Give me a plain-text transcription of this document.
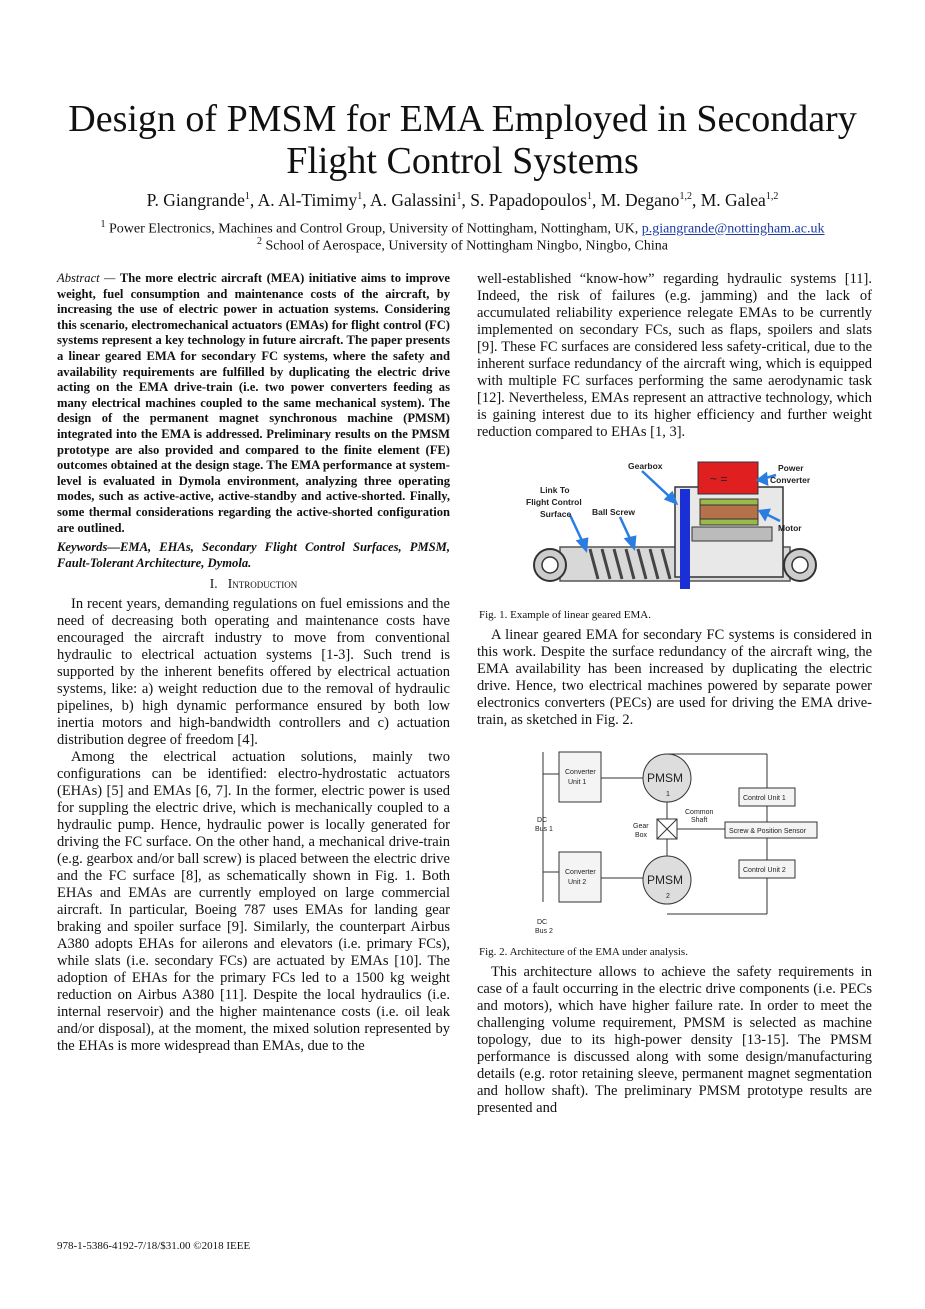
Design of PMSM for EMA Employed in Secondary Flight Control Systems
P. Giangrande$^1$, A. Al-Timimy$^1$, A. Galassini$^1$, S. Papadopoulos$^1$, M. Degano$^{1,2}$, M. Galea$^{1,2}$
$^1$ Power Electronics, Machines and Control Group, University of Nottingham, Nottingham, UK, p.giangrande@nottingham.ac.uk
$^2$ School of Aerospace, University of Nottingham Ningbo, Ningbo, China

Abstract — The more electric aircraft (MEA) initiative aims to improve weight, fuel consumption and maintenance costs of the aircraft, by increasing the use of electric power in actuation systems. Considering this scenario, electromechanical actuators (EMAs) for flight control (FC) systems represent a key technology in future aircraft. The paper presents a linear geared EMA for secondary FC systems, where the safety and availability requirements are fulfilled by duplicating the electric drive acting on the EMA drive-train (i.e. two power converters feeding as many electrical machines coupled to the same mechanical system). The design of the permanent magnet synchronous machine (PMSM) integrated into the EMA is addressed. Preliminary results on the PMSM prototype are also provided and compared to the finite element (FE) outcomes obtained at the design stage. The EMA performance at system-level is evaluated in Dymola environment, analyzing three operating modes, such as active-active, active-standby and active-shorted. Finally, some thermal considerations regarding the active-shorted configuration are outlined.

Keywords—EMA, EHAs, Secondary Flight Control Surfaces, PMSM, Fault-Tolerant Architecture, Dymola.

I. Introduction

In recent years, demanding regulations on fuel emissions and the need of decreasing both operating and maintenance costs have encouraged the aircraft industry to move from conventional hydraulic to electrical actuation systems [1-3]. Such trend is supported by the inherent benefits offered by electrical actuation systems, like: a) weight reduction due to the removal of hydraulic pipelines, b) high dynamic performance ensured by both low inertia motors and high-bandwidth controllers and c) actuation distribution degree of freedom [4].

Among the electrical actuation solutions, mainly two configurations can be identified: electro-hydrostatic actuators (EHAs) [5] and EMAs [6, 7]. In the former, electric power is used for suppling the electric drive, which is mechanically coupled to a hydraulic pump. Hence, hydraulic power is locally generated for driving the FC surface. On the other hand, a mechanical drive-train (e.g. gearbox and/or ball screw) is placed between the electric drive and the FC surface [8], as schematically shown in Fig. 1. Both EHAs and EMAs are currently employed on large commercial aircraft. In particular, Boeing 787 uses EMAs for landing gear braking and spoiler surface [9]. Similarly, the counterpart Airbus A380 adopts EHAs for ailerons and elevators (i.e. primary FCs), while slats (i.e. secondary FCs) are actuated by EMAs [10]. The adoption of EHAs for the primary FCs led to a 1500 kg weight reduction on Airbus A380 [11]. Despite the local hydraulics (i.e. internal reservoir) and the higher maintenance costs (i.e. oil leak and/or disposal), at the moment, the mixed solution represented by the EHAs is more widespread than EMAs, due to the

well-established “know-how” regarding hydraulic systems [11]. Indeed, the risk of failures (e.g. jamming) and the lack of accumulated reliability experience relegate EMAs to be currently implemented on secondary FCs, such as flaps, spoilers and slats [9]. These FC surfaces are considered less safety-critical, due to the inherent surface redundancy of the aircraft wing, which is equipped with multiple FC surfaces performing the same aerodynamic task [12]. Nevertheless, EMAs represent an attractive technology, which is gaining interest due to its higher efficiency and further weight reduction compared to EHAs [1, 3].

~ =
Gearbox
Link To
Flight Control
Surface Ball Screw
Power
Converter
Motor
Fig. 1. Example of linear geared EMA.

A linear geared EMA for secondary FC systems is considered in this work. Despite the surface redundancy of the aircraft wing, the EMA availability has been increased by duplicating the electric drive. Hence, two electrical machines powered by separate power electronics converters (PECs) are used for driving the EMA drive-train, as sketched in Fig. 2.

Converter
Unit 1
Converter
Unit 2
DC
Bus 1
DC
Bus 2
Gear
Box
Common
Shaft
Control Unit 1
Control Unit 2
Screw & Position Sensor
1
2
PMSM
PMSM
Fig. 2. Architecture of the EMA under analysis.

This architecture allows to achieve the safety requirements in case of a fault occurring in the electric drive components (i.e. PECs and motors), which have higher failure rate. In order to meet the challenging volume requirement, PMSM is selected as machine topology, due to its high-power density [13-15]. The PMSM performance is discussed along with some design/manufacturing details (e.g. rotor retaining sleeve, permanent magnet segmentation and hollow shaft). The preliminary PMSM prototype results are presented and

978-1-5386-4192-7/18/$31.00 ©2018 IEEE
